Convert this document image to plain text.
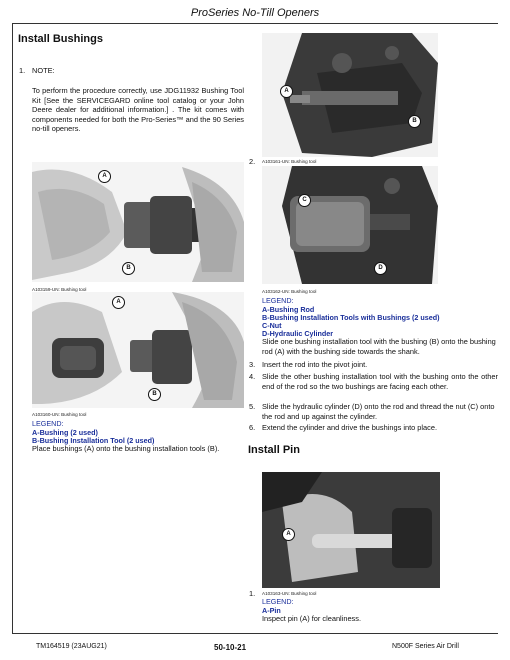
ProSeries No-Till Openers
Install Bushings
1. NOTE:
To perform the procedure correctly, use JDG11932 Bushing Tool Kit [See the SERVICEGARD online tool catalog or your John Deere dealer for additional information.] . The kit comes with components needed for both the Pro-Series™ and the 90 Series no-till openers.
A
B
A103159-UN: Bushing tool
A
B
A103160-UN: Bushing tool
LEGEND:
A-Bushing (2 used)
B-Bushing Installation Tool (2 used)
Place bushings (A) onto the bushing installation tools (B).
A
B
2. A103161-UN: Bushing tool
C
D
A103162-UN: Bushing tool
LEGEND:
A-Bushing Rod
B-Bushing Installation Tools with Bushings (2 used)
C-Nut
D-Hydraulic Cylinder
Slide one bushing installation tool with the bushing (B) onto the bushing rod (A) with the bushing side towards the shank.
3. Insert the rod into the pivot joint.
4. Slide the other bushing installation tool with the bushing onto the other end of the rod so the two bushings are facing each other.
5. Slide the hydraulic cylinder (D) onto the rod and thread the nut (C) onto the rod and up against the cylinder.
6. Extend the cylinder and drive the bushings into place.
Install Pin
A
1. A103163-UN: Bushing tool
LEGEND:
A-Pin
Inspect pin (A) for cleanliness.
TM164519 (23AUG21)	50-10-21	N500F Series Air Drill
